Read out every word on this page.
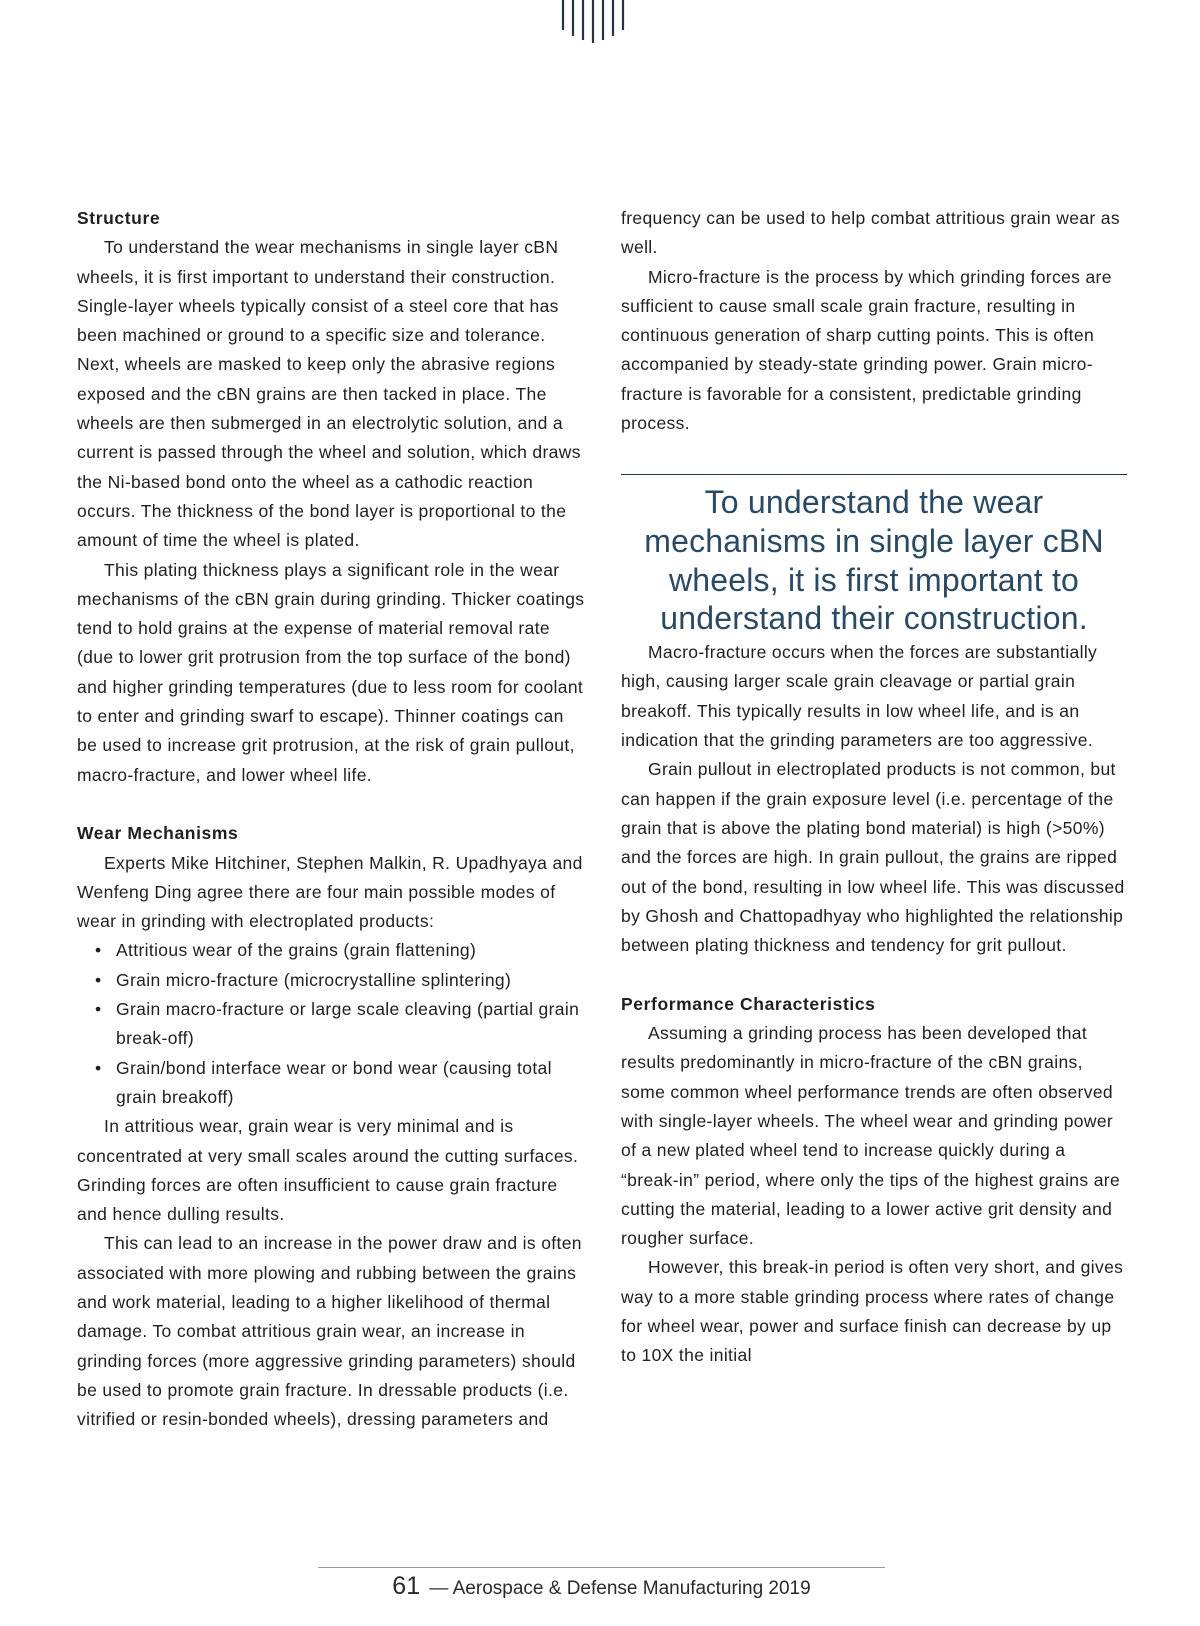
Structure

To understand the wear mechanisms in single layer cBN wheels, it is first important to understand their construction. Single-layer wheels typically consist of a steel core that has been machined or ground to a specific size and tolerance. Next, wheels are masked to keep only the abrasive regions exposed and the cBN grains are then tacked in place. The wheels are then submerged in an electrolytic solution, and a current is passed through the wheel and solution, which draws the Ni-based bond onto the wheel as a cathodic reaction occurs. The thickness of the bond layer is proportional to the amount of time the wheel is plated.

This plating thickness plays a significant role in the wear mechanisms of the cBN grain during grinding. Thicker coatings tend to hold grains at the expense of material removal rate (due to lower grit protrusion from the top surface of the bond) and higher grinding temperatures (due to less room for coolant to enter and grinding swarf to escape). Thinner coatings can be used to increase grit protrusion, at the risk of grain pullout, macro-fracture, and lower wheel life.

Wear Mechanisms

Experts Mike Hitchiner, Stephen Malkin, R. Upadhyaya and Wenfeng Ding agree there are four main possible modes of wear in grinding with electroplated products:

• Attritious wear of the grains (grain flattening)
• Grain micro-fracture (microcrystalline splintering)
• Grain macro-fracture or large scale cleaving (partial grain break-off)
• Grain/bond interface wear or bond wear (causing total grain breakoff)

In attritious wear, grain wear is very minimal and is concentrated at very small scales around the cutting surfaces. Grinding forces are often insufficient to cause grain fracture and hence dulling results.

This can lead to an increase in the power draw and is often associated with more plowing and rubbing between the grains and work material, leading to a higher likelihood of thermal damage. To combat attritious grain wear, an increase in grinding forces (more aggressive grinding parameters) should be used to promote grain fracture. In dressable products (i.e. vitrified or resin-bonded wheels), dressing parameters and

frequency can be used to help combat attritious grain wear as well.

Micro-fracture is the process by which grinding forces are sufficient to cause small scale grain fracture, resulting in continuous generation of sharp cutting points. This is often accompanied by steady-state grinding power. Grain micro-fracture is favorable for a consistent, predictable grinding process.

To understand the wear mechanisms in single layer cBN wheels, it is first important to understand their construction.

Macro-fracture occurs when the forces are substantially high, causing larger scale grain cleavage or partial grain breakoff. This typically results in low wheel life, and is an indication that the grinding parameters are too aggressive.

Grain pullout in electroplated products is not common, but can happen if the grain exposure level (i.e. percentage of the grain that is above the plating bond material) is high (>50%) and the forces are high. In grain pullout, the grains are ripped out of the bond, resulting in low wheel life. This was discussed by Ghosh and Chattopadhyay who highlighted the relationship between plating thickness and tendency for grit pullout.

Performance Characteristics

Assuming a grinding process has been developed that results predominantly in micro-fracture of the cBN grains, some common wheel performance trends are often observed with single-layer wheels. The wheel wear and grinding power of a new plated wheel tend to increase quickly during a “break-in” period, where only the tips of the highest grains are cutting the material, leading to a lower active grit density and rougher surface.

However, this break-in period is often very short, and gives way to a more stable grinding process where rates of change for wheel wear, power and surface finish can decrease by up to 10X the initial

61 — Aerospace & Defense Manufacturing 2019
